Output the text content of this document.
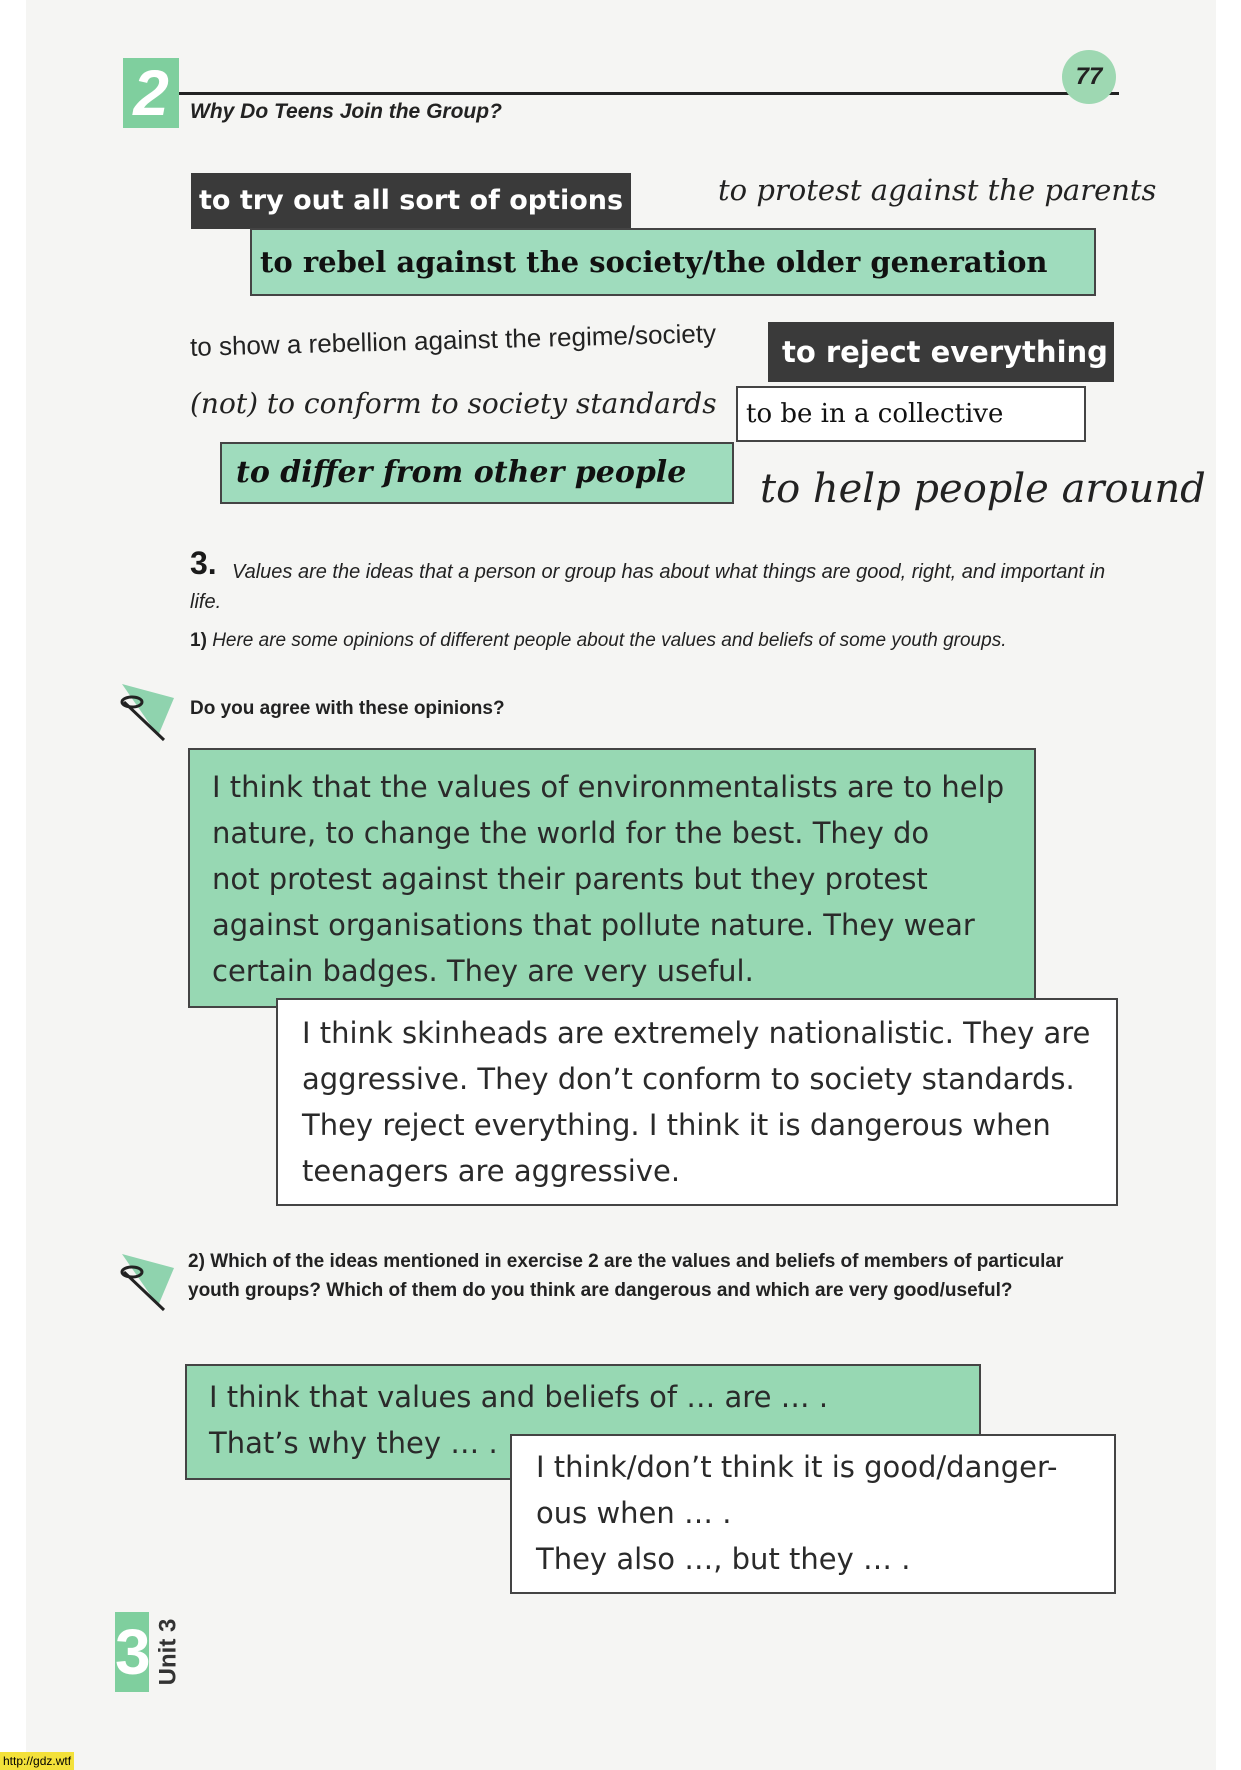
2	Why Do Teens Join the Group?
77
to try out all sort of options	to protest against the parents
to rebel against the society/the older generation
to show a rebellion against the regime/society	to reject everything
(not) to conform to society standards	to be in a collective
to differ from other people	to help people around
3. Values are the ideas that a person or group has about what things are good, right, and important in life.
1) Here are some opinions of different people about the values and beliefs of some youth groups.
Do you agree with these opinions?
I think that the values of environmentalists are to help
nature, to change the world for the best. They do
not protest against their parents but they protest
against organisations that pollute nature. They wear
certain badges. They are very useful.
I think skinheads are extremely nationalistic. They are
aggressive. They don’t conform to society standards.
They reject everything. I think it is dangerous when
teenagers are aggressive.
2) Which of the ideas mentioned in exercise 2 are the values and beliefs of members of particular youth groups? Which of them do you think are dangerous and which are very good/useful?
I think that values and beliefs of … are … .
That’s why they … .
I think/don’t think it is good/danger-
ous when … .
They also …, but they … .
3 Unit 3
http://gdz.wtf
